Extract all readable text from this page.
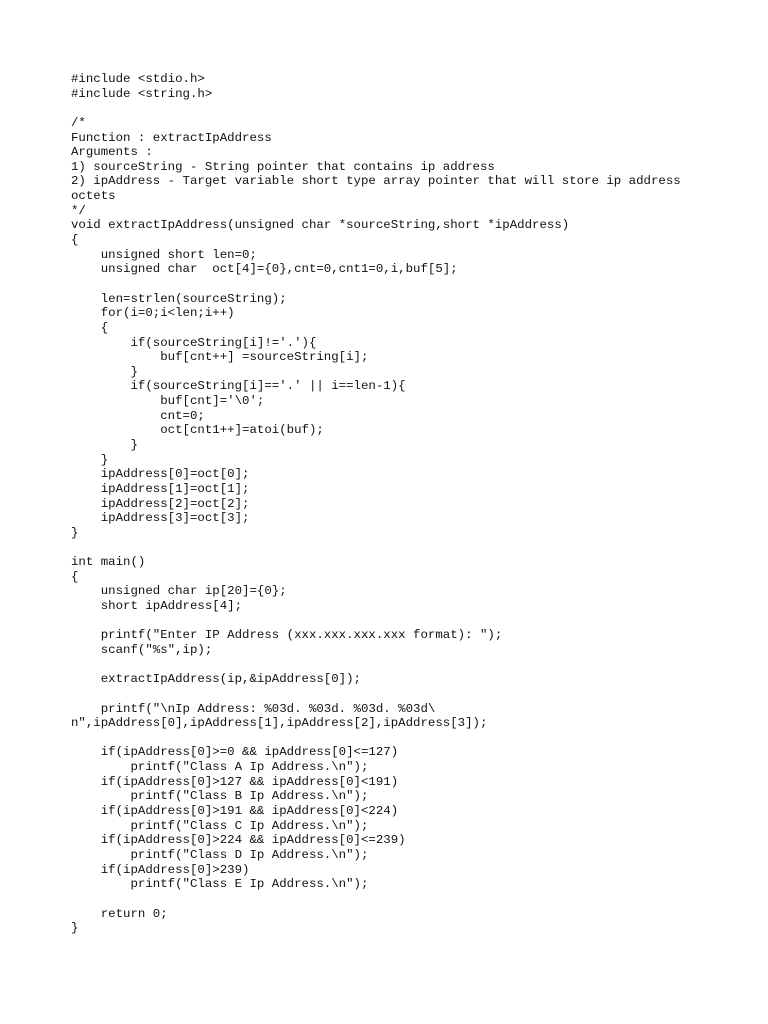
#include <stdio.h>
#include <string.h>
/*
Function : extractIpAddress
Arguments :
1) sourceString - String pointer that contains ip address
2) ipAddress - Target variable short type array pointer that will store ip address
octets
*/
void extractIpAddress(unsigned char *sourceString,short *ipAddress)
{
unsigned short len=0;
unsigned char  oct[4]={0},cnt=0,cnt1=0,i,buf[5];
len=strlen(sourceString);
for(i=0;i<len;i++)
{
if(sourceString[i]!='.'){
buf[cnt++] =sourceString[i];
}
if(sourceString[i]=='.' || i==len-1){
buf[cnt]='\0';
cnt=0;
oct[cnt1++]=atoi(buf);
}
}
ipAddress[0]=oct[0];
ipAddress[1]=oct[1];
ipAddress[2]=oct[2];
ipAddress[3]=oct[3];
}
int main()
{
unsigned char ip[20]={0};
short ipAddress[4];
printf("Enter IP Address (xxx.xxx.xxx.xxx format): ");
scanf("%s",ip);
extractIpAddress(ip,&ipAddress[0]);
printf("\nIp Address: %03d. %03d. %03d. %03d\
n",ipAddress[0],ipAddress[1],ipAddress[2],ipAddress[3]);
if(ipAddress[0]>=0 && ipAddress[0]<=127)
printf("Class A Ip Address.\n");
if(ipAddress[0]>127 && ipAddress[0]<191)
printf("Class B Ip Address.\n");
if(ipAddress[0]>191 && ipAddress[0]<224)
printf("Class C Ip Address.\n");
if(ipAddress[0]>224 && ipAddress[0]<=239)
printf("Class D Ip Address.\n");
if(ipAddress[0]>239)
printf("Class E Ip Address.\n");
return 0;
}
